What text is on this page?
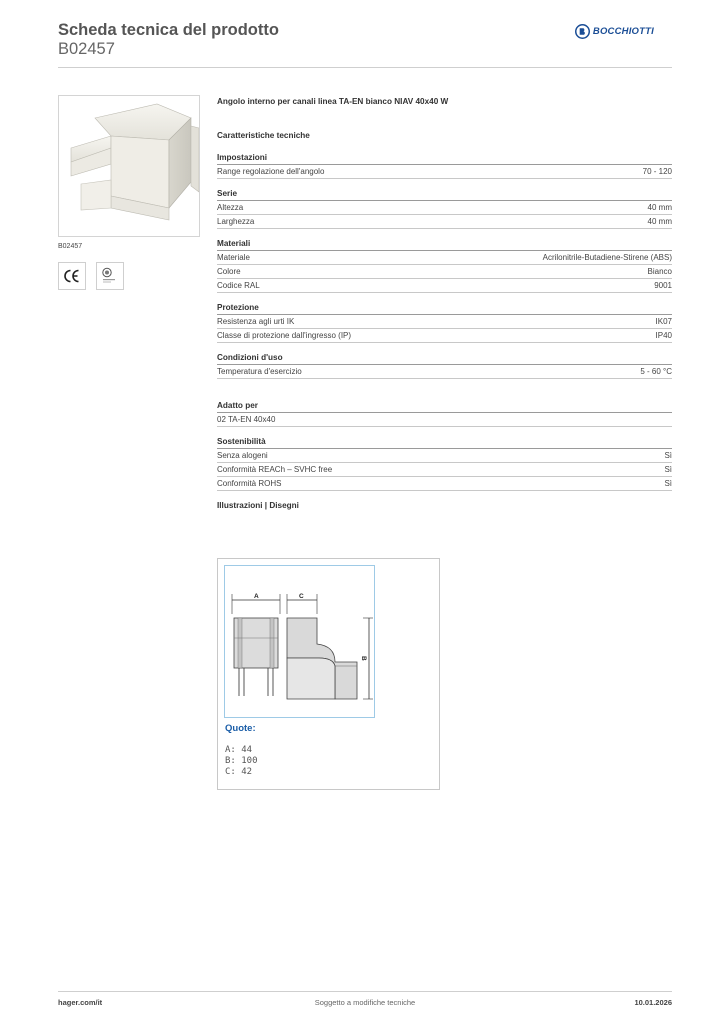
Scheda tecnica del prodotto
B02457
BOCCHIOTTI
B02457
Angolo interno per canali linea TA-EN bianco NIAV 40x40 W
Caratteristiche tecniche
Impostazioni
Range regolazione dell'angolo	70 - 120
Serie
Altezza	40 mm
Larghezza	40 mm
Materiali
Materiale	Acrilonitrile-Butadiene-Stirene (ABS)
Colore	Bianco
Codice RAL	9001
Protezione
Resistenza agli urti IK	IK07
Classe di protezione dall'ingresso (IP)	IP40
Condizioni d'uso
Temperatura d'esercizio	5 - 60 °C
Adatto per
02 TA-EN 40x40
Sostenibilità
Senza alogeni	Sì
Conformità REACh – SVHC free	Sì
Conformità ROHS	Sì
Illustrazioni | Disegni
A	C
B
Quote:
A: 44
B: 100
C: 42
Soggetto a modifiche tecniche
hager.com/it	10.01.2026
